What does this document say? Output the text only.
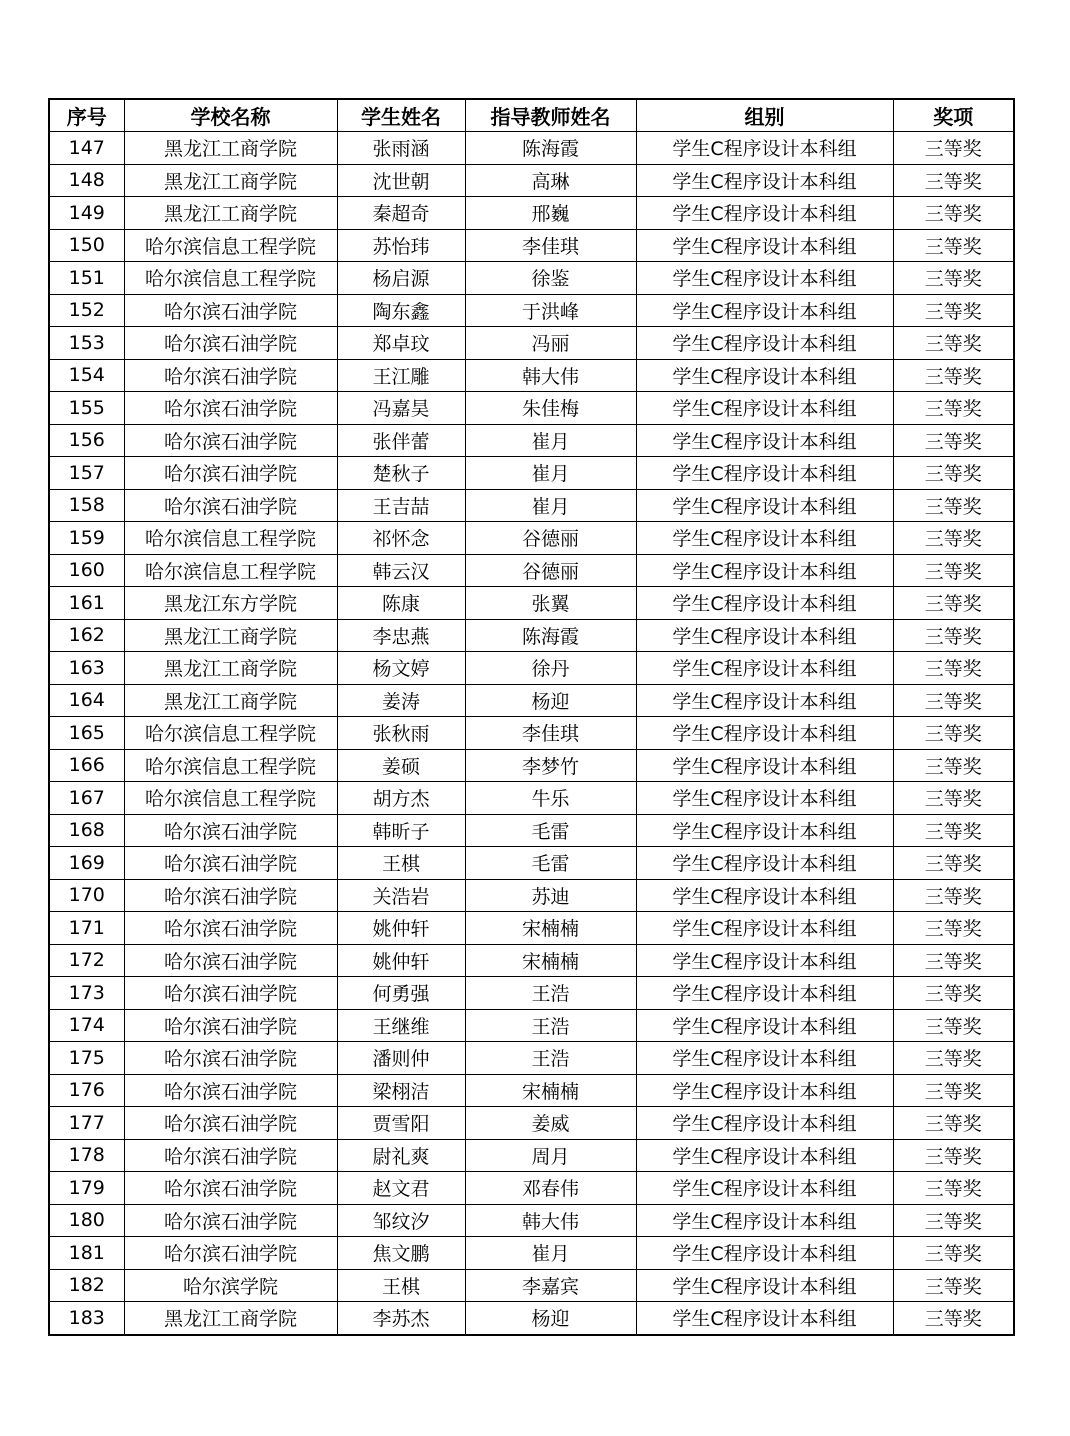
序号	学校名称	学生姓名	指导教师姓名	组别	奖项
147	黑龙江工商学院	张雨涵	陈海霞	学生C程序设计本科组	三等奖
148	黑龙江工商学院	沈世朝	高琳	学生C程序设计本科组	三等奖
149	黑龙江工商学院	秦超奇	邢巍	学生C程序设计本科组	三等奖
150	哈尔滨信息工程学院	苏怡玮	李佳琪	学生C程序设计本科组	三等奖
151	哈尔滨信息工程学院	杨启源	徐鉴	学生C程序设计本科组	三等奖
152	哈尔滨石油学院	陶东鑫	于洪峰	学生C程序设计本科组	三等奖
153	哈尔滨石油学院	郑卓玟	冯丽	学生C程序设计本科组	三等奖
154	哈尔滨石油学院	王江雕	韩大伟	学生C程序设计本科组	三等奖
155	哈尔滨石油学院	冯嘉昊	朱佳梅	学生C程序设计本科组	三等奖
156	哈尔滨石油学院	张伴蕾	崔月	学生C程序设计本科组	三等奖
157	哈尔滨石油学院	楚秋子	崔月	学生C程序设计本科组	三等奖
158	哈尔滨石油学院	王吉喆	崔月	学生C程序设计本科组	三等奖
159	哈尔滨信息工程学院	祁怀念	谷德丽	学生C程序设计本科组	三等奖
160	哈尔滨信息工程学院	韩云汉	谷德丽	学生C程序设计本科组	三等奖
161	黑龙江东方学院	陈康	张翼	学生C程序设计本科组	三等奖
162	黑龙江工商学院	李忠燕	陈海霞	学生C程序设计本科组	三等奖
163	黑龙江工商学院	杨文婷	徐丹	学生C程序设计本科组	三等奖
164	黑龙江工商学院	姜涛	杨迎	学生C程序设计本科组	三等奖
165	哈尔滨信息工程学院	张秋雨	李佳琪	学生C程序设计本科组	三等奖
166	哈尔滨信息工程学院	姜硕	李梦竹	学生C程序设计本科组	三等奖
167	哈尔滨信息工程学院	胡方杰	牛乐	学生C程序设计本科组	三等奖
168	哈尔滨石油学院	韩昕子	毛雷	学生C程序设计本科组	三等奖
169	哈尔滨石油学院	王棋	毛雷	学生C程序设计本科组	三等奖
170	哈尔滨石油学院	关浩岩	苏迪	学生C程序设计本科组	三等奖
171	哈尔滨石油学院	姚仲轩	宋楠楠	学生C程序设计本科组	三等奖
172	哈尔滨石油学院	姚仲轩	宋楠楠	学生C程序设计本科组	三等奖
173	哈尔滨石油学院	何勇强	王浩	学生C程序设计本科组	三等奖
174	哈尔滨石油学院	王继维	王浩	学生C程序设计本科组	三等奖
175	哈尔滨石油学院	潘则仲	王浩	学生C程序设计本科组	三等奖
176	哈尔滨石油学院	梁栩洁	宋楠楠	学生C程序设计本科组	三等奖
177	哈尔滨石油学院	贾雪阳	姜威	学生C程序设计本科组	三等奖
178	哈尔滨石油学院	尉礼爽	周月	学生C程序设计本科组	三等奖
179	哈尔滨石油学院	赵文君	邓春伟	学生C程序设计本科组	三等奖
180	哈尔滨石油学院	邹纹汐	韩大伟	学生C程序设计本科组	三等奖
181	哈尔滨石油学院	焦文鹏	崔月	学生C程序设计本科组	三等奖
182	哈尔滨学院	王棋	李嘉宾	学生C程序设计本科组	三等奖
183	黑龙江工商学院	李苏杰	杨迎	学生C程序设计本科组	三等奖
